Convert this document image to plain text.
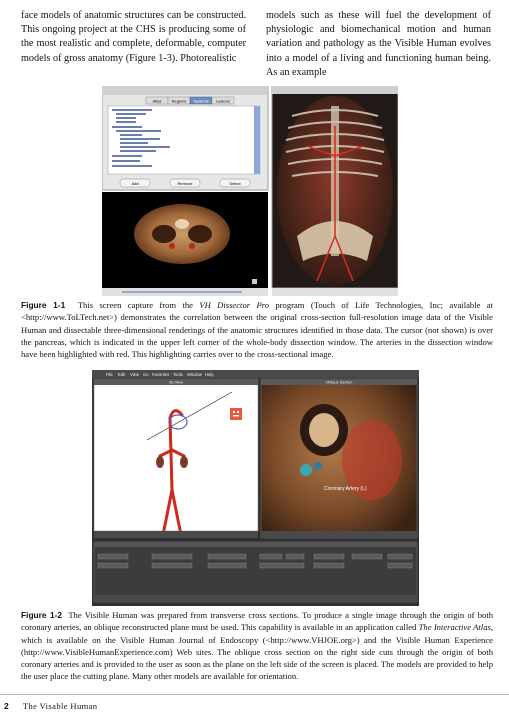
face models of anatomic structures can be constructed. This ongoing project at the CHS is producing some of the most realistic and complete, deformable, computer models of gross anatomy (Figure 1-3). Photorealistic

models such as these will fuel the development of physiologic and biomechanical motion and human variation and pathology as the Visible Human evolves into a model of a living and functioning human being. As an example

Atlas	Regions Systems Lesions
Add	Remove	Select
Figure 1-1 This screen capture from the VH Dissector Pro program (Touch of Life Technologies, Inc; available at <http://www.ToLTech.net>) demonstrates the correlation between the original cross-section full-resolution image data of the Visible Human and dissectable three-dimensional renderings of the anatomic structures identified in those data. The cursor (not shown) is over the pancreas, which is indicated in the upper left corner of the whole-body dissection window. The arteries in the dissection window have been highlighted with red. This highlighting carries over to the cross-sectional image.
File Edit View Go Favorites Tools Window Help
3D View	Oblique Section
Coronary Artery (L)
Figure 1-2 The Visible Human was prepared from transverse cross sections. To produce a single image through the origin of both coronary arteries, an oblique reconstructed plane must be used. This capability is available in an application called The Interactive Atlas, which is available on the Visible Human Journal of Endoscopy (<http://www.VHJOE.org>) and the Visible Human Experience (http://www.VisibleHumanExperience.com) Web sites. The oblique cross section on the right side cuts through the origin of both coronary arteries and is provided to the user as soon as the plane on the left side of the screen is placed. The models are provided to help the user place the cutting plane. Many other models are available for orientation.
2 The Visable Human
